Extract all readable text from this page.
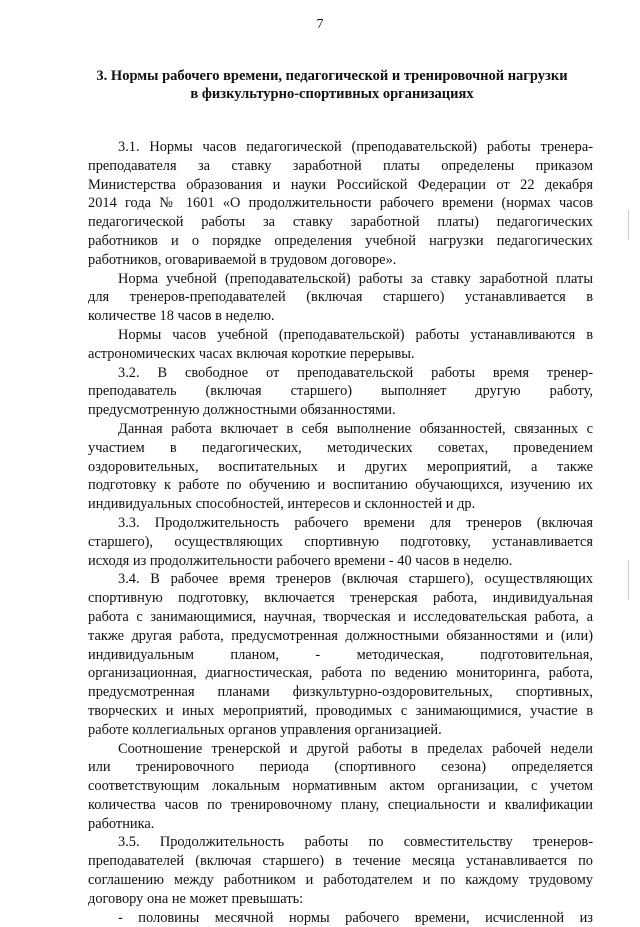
7
3. Нормы рабочего времени, педагогической и тренировочной нагрузки
в физкультурно-спортивных организациях
3.1. Нормы часов педагогической (преподавательской) работы тренера-
преподавателя за ставку заработной платы определены приказом
Министерства образования и науки Российской Федерации от 22 декабря
2014 года № 1601 «О продолжительности рабочего времени (нормах часов
педагогической работы за ставку заработной платы) педагогических
работников и о порядке определения учебной нагрузки педагогических
работников, оговариваемой в трудовом договоре».
Норма учебной (преподавательской) работы за ставку заработной платы
для тренеров-преподавателей (включая старшего) устанавливается в
количестве 18 часов в неделю.
Нормы часов учебной (преподавательской) работы устанавливаются в
астрономических часах включая короткие перерывы.
3.2. В свободное от преподавательской работы время тренер-
преподаватель (включая старшего) выполняет другую работу,
предусмотренную должностными обязанностями.
Данная работа включает в себя выполнение обязанностей, связанных с
участием в педагогических, методических советах, проведением
оздоровительных, воспитательных и других мероприятий, а также
подготовку к работе по обучению и воспитанию обучающихся, изучению их
индивидуальных способностей, интересов и склонностей и др.
3.3. Продолжительность рабочего времени для тренеров (включая
старшего), осуществляющих спортивную подготовку, устанавливается
исходя из продолжительности рабочего времени - 40 часов в неделю.
3.4. В рабочее время тренеров (включая старшего), осуществляющих
спортивную подготовку, включается тренерская работа, индивидуальная
работа с занимающимися, научная, творческая и исследовательская работа, а
также другая работа, предусмотренная должностными обязанностями и (или)
индивидуальным планом, - методическая, подготовительная,
организационная, диагностическая, работа по ведению мониторинга, работа,
предусмотренная планами физкультурно-оздоровительных, спортивных,
творческих и иных мероприятий, проводимых с занимающимися, участие в
работе коллегиальных органов управления организацией.
Соотношение тренерской и другой работы в пределах рабочей недели
или тренировочного периода (спортивного сезона) определяется
соответствующим локальным нормативным актом организации, с учетом
количества часов по тренировочному плану, специальности и квалификации
работника.
3.5. Продолжительность работы по совместительству тренеров-
преподавателей (включая старшего) в течение месяца устанавливается по
соглашению между работником и работодателем и по каждому трудовому
договору она не может превышать:
- половины месячной нормы рабочего времени, исчисленной из
